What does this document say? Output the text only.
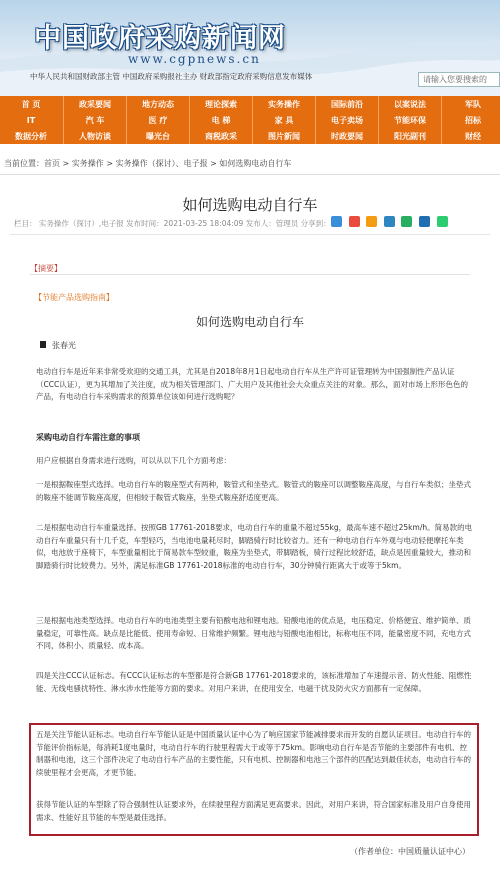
中国政府采购新闻网
www.cgpnews.cn
中华人民共和国财政部主管 中国政府采购报社主办 财政部指定政府采购信息发布媒体	请输入您要搜索的
首 页	政采要闻	地方动态	理论探索	实务操作	国际前沿	以案说法	军队
IT	汽 车	医 疗	电 梯	家 具	电子卖场	节能环保	招标
数据分析	人物访谈	曝光台	商税政采	图片新闻	时政要闻	阳光副刊	财经
当前位置：首页 > 实务操作 > 实务操作（探讨）、电子报 > 如何选购电动自行车
如何选购电动自行车
栏目： 实务操作（探讨）,电子报 发布时间：2021-03-25 18:04:09 发布人：管理员 分享到：

【摘要】
【节能产品选购指南】
如何选购电动自行车
张春光
电动自行车是近年来非常受欢迎的交通工具，尤其是自2018年8月1日起电动自行车从生产许可证管理转为中国强制性产品认证（CCC认证），更为其增加了关注度，成为相关管理部门、广大用户及其他社会大众重点关注的对象。那么，面对市场上形形色色的产品，有电动自行车采购需求的预算单位该如何进行选购呢？
采购电动自行车需注意的事项
用户应根据自身需求进行选购，可以从以下几个方面考虑：
一是根据鞍座型式选择。电动自行车的鞍座型式有两种，鞍管式和坐垫式。鞍管式的鞍座可以调整鞍座高度，与自行车类似；坐垫式的鞍座不能调节鞍座高度，但相较于鞍管式鞍座，坐垫式鞍座舒适度更高。
二是根据电动自行车重量选择。按照GB 17761-2018要求，电动自行车的重量不超过55kg，最高车速不超过25km/h。简易款的电动自行车重量只有十几千克，车型轻巧，当电池电量耗尽时，脚踏骑行时比较省力。还有一种电动自行车外观与电动轻便摩托车类似，电池放于座椅下，车型重量相比于简易款车型较重，鞍座为坐垫式，带脚踏板，骑行过程比较舒适，缺点是因重量较大，推动和脚踏骑行时比较费力。另外，满足标准GB 17761-2018标准的电动自行车，30分钟骑行距离大于或等于5km。
三是根据电池类型选择。电动自行车的电池类型主要有铅酸电池和锂电池。铅酸电池的优点是，电压稳定、价格便宜、维护简单、质量稳定，可靠性高。缺点是比能低、使用寿命短、日常维护频繁。锂电池与铅酸电池相比，标称电压不同，能量密度不同，充电方式不同，体积小、质量轻、成本高。
四是关注CCC认证标志。有CCC认证标志的车型都是符合新GB 17761-2018要求的，该标准增加了车速提示音、防火性能、阻燃性能、无线电骚扰特性、淋水涉水性能等方面的要求。对用户来讲，在使用安全、电磁干扰及防火灾方面都有一定保障。
五是关注节能认证标志。电动自行车节能认证是中国质量认证中心为了响应国家节能减排要求而开发的自愿认证项目。电动自行车的节能评价指标是，每消耗1度电量时，电动自行车的行驶里程需大于或等于75km。影响电动自行车是否节能的主要部件有电机、控制器和电池，这三个部件决定了电动自行车产品的主要性能，只有电机、控制器和电池三个部件的匹配达到最佳状态，电动自行车的续驶里程才会更高，才更节能。
获得节能认证的车型除了符合强制性认证要求外，在续驶里程方面满足更高要求。因此，对用户来讲，符合国家标准及用户自身使用需求、性能好且节能的车型是最佳选择。
（作者单位：中国质量认证中心）
